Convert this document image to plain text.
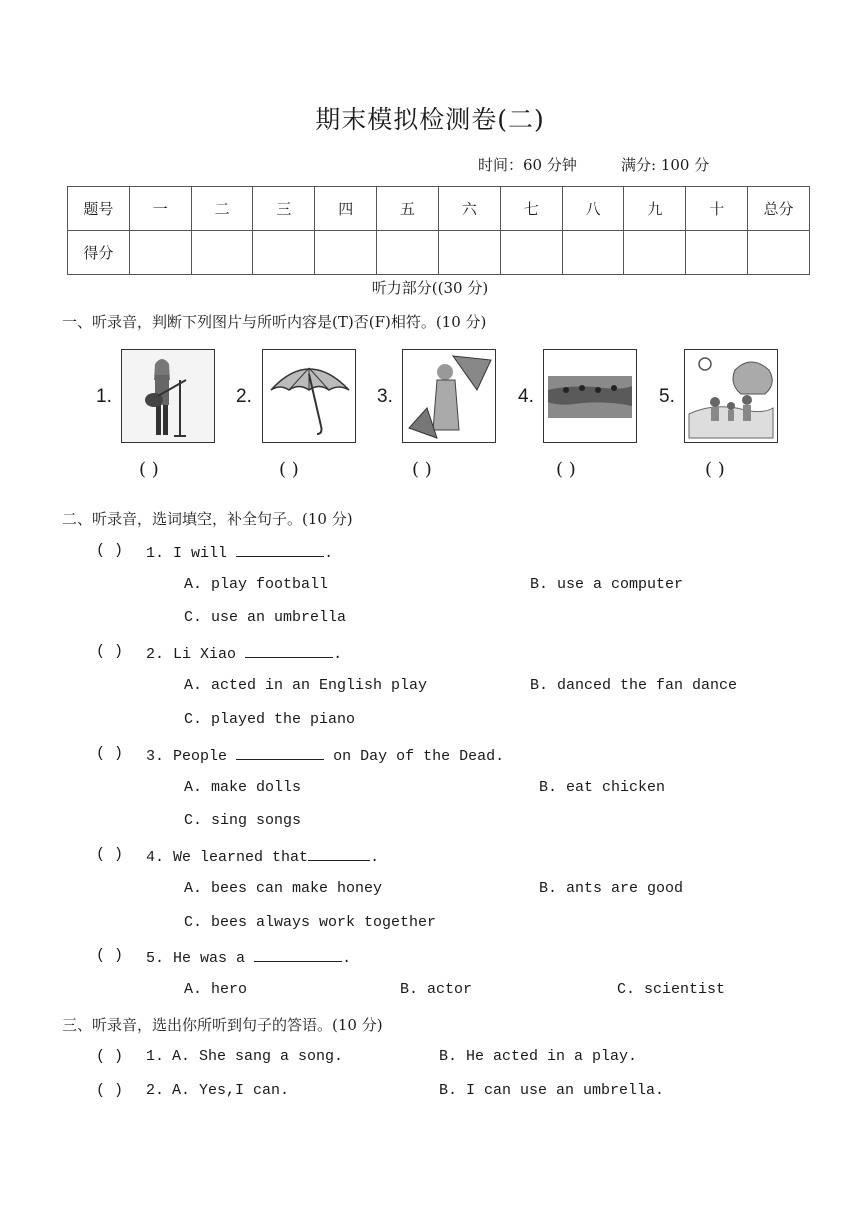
期末模拟检测卷(二)
时间：60 分钟	满分: 100 分
题号	一	二	三	四	五	六	七	八	九	十	总分
得分											
听力部分((30 分)
一、听录音，判断下列图片与所听内容是(T)否(F)相符。(10 分)
1.	2.	3.	4.	5.
( )	( )	( )	( )	( )
二、听录音，选词填空，补全句子。(10 分)
( ) 1. I will	.
A. play football	B. use a computer
C. use an umbrella
( ) 2. Li Xiao	.
A. acted in an English play	B. danced the fan dance
C. played the piano
( ) 3. People	on Day of the Dead.
A. make dolls	B. eat chicken
C. sing songs
( ) 4. We learned that	.
A. bees can make honey	B. ants are good
C. bees always work together
( ) 5. He was a	.
A. hero	B. actor	C. scientist
三、听录音，选出你所听到句子的答语。(10 分)
( ) 1. A. She sang a song.	B. He acted in a play.
( ) 2. A. Yes,I can.	B. I can use an umbrella.
